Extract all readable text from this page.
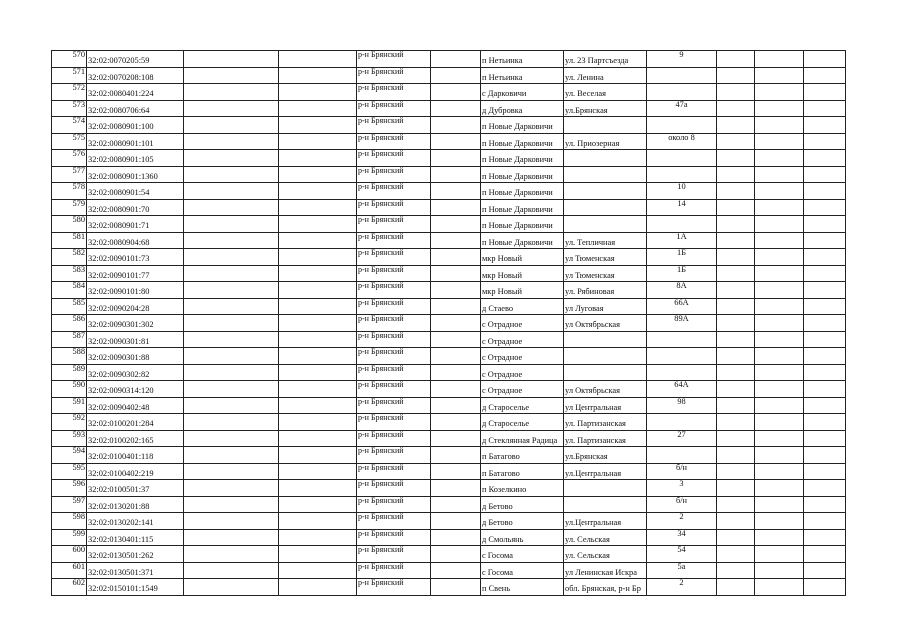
570	32:02:0070205:59			р-н Брянский		п Нетьинка	ул. 23 Партсъезда	9			
571	32:02:0070208:108			р-н Брянский		п Нетьинка	ул. Ленина				
572	32:02:0080401:224			р-н Брянский		с Дарковичи	ул. Веселая				
573	32:02:0080706:64			р-н Брянский		д Дубровка	ул.Брянская	47а			
574	32:02:0080901:100			р-н Брянский		п Новые Дарковичи					
575	32:02:0080901:101			р-н Брянский		п Новые Дарковичи	ул. Приозерная	около 8			
576	32:02:0080901:105			р-н Брянский		п Новые Дарковичи					
577	32:02:0080901:1360			р-н Брянский		п Новые Дарковичи					
578	32:02:0080901:54			р-н Брянский		п Новые Дарковичи		10			
579	32:02:0080901:70			р-н Брянский		п Новые Дарковичи		14			
580	32:02:0080901:71			р-н Брянский		п Новые Дарковичи					
581	32:02:0080904:68			р-н Брянский		п Новые Дарковичи	ул. Тепличная	1А			
582	32:02:0090101:73			р-н Брянский		мкр Новый	ул Тюменская	1Б			
583	32:02:0090101:77			р-н Брянский		мкр Новый	ул Тюменская	1Б			
584	32:02:0090101:80			р-н Брянский		мкр Новый	ул. Рябиновая	8А			
585	32:02:0090204:28			р-н Брянский		д Стаево	ул Луговая	66А			
586	32:02:0090301:302			р-н Брянский		с Отрадное	ул Октябрьская	89А			
587	32:02:0090301:81			р-н Брянский		с Отрадное					
588	32:02:0090301:88			р-н Брянский		с Отрадное					
589	32:02:0090302:82			р-н Брянский		с Отрадное					
590	32:02:0090314:120			р-н Брянский		с Отрадное	ул Октябрьская	64А			
591	32:02:0090402:48			р-н Брянский		д Староселье	ул Центральная	98			
592	32:02:0100201:284			р-н Брянский		д Староселье	ул. Партизанская				
593	32:02:0100202:165			р-н Брянский		д Стеклянная Радица	ул. Партизанская	27			
594	32:02:0100401:118			р-н Брянский		п Батагово	ул.Брянская				
595	32:02:0100402:219			р-н Брянский		п Батагово	ул.Центральная	б/н			
596	32:02:0100501:37			р-н Брянский		п Козелкино		3			
597	32:02:0130201:88			р-н Брянский		д Бетово		б/н			
598	32:02:0130202:141			р-н Брянский		д Бетово	ул.Центральная	2			
599	32:02:0130401:115			р-н Брянский		д Смольянь	ул. Сельская	34			
600	32:02:0130501:262			р-н Брянский		с Госома	ул. Сельская	54			
601	32:02:0130501:371			р-н Брянский		с Госома	ул Ленинская Искра	5а			
602	32:02:0150101:1549			р-н Брянский		п Свень	обл. Брянская, р-н Бр	2			
